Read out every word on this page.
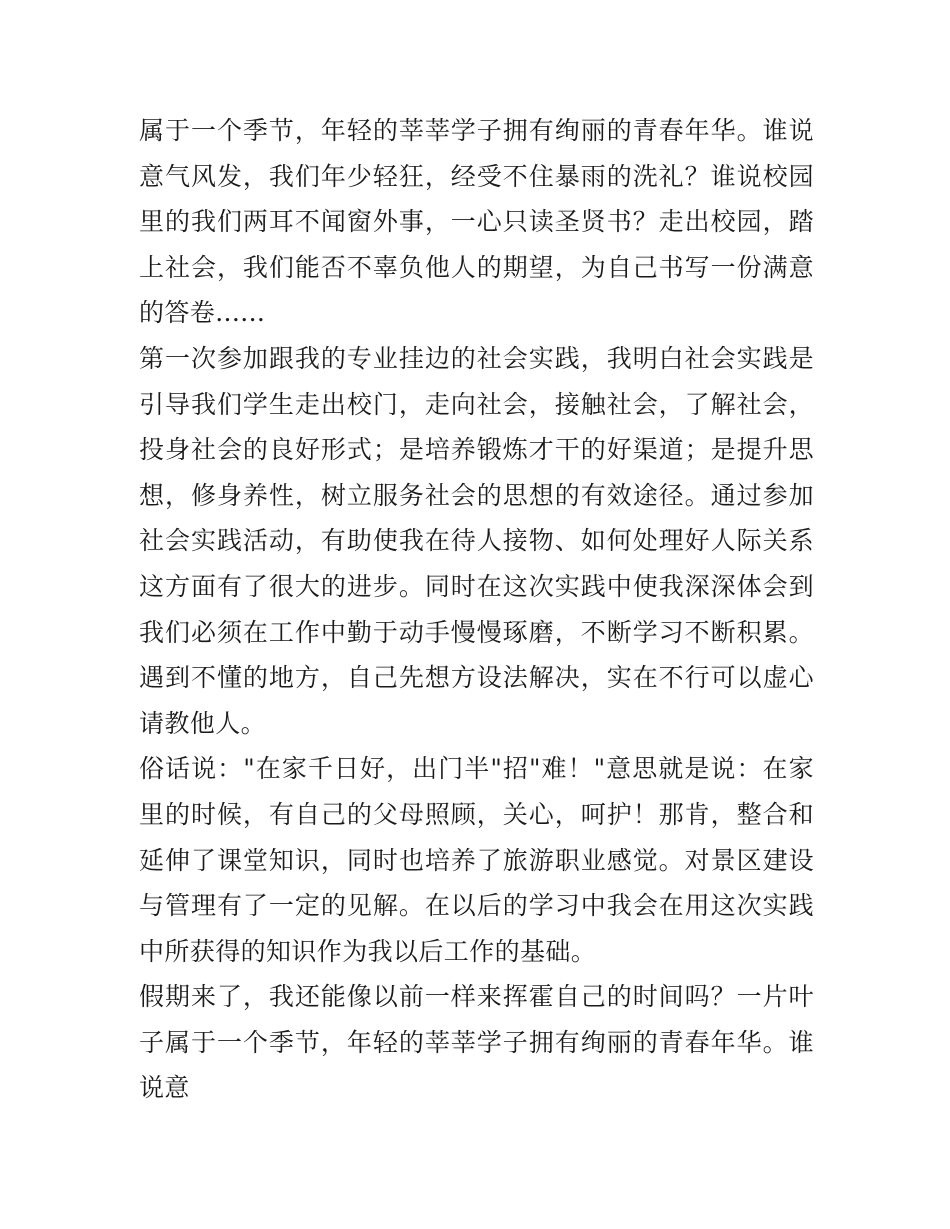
属于一个季节，年轻的莘莘学子拥有绚丽的青春年华。谁说意气风发，我们年少轻狂，经受不住暴雨的洗礼？谁说校园里的我们两耳不闻窗外事，一心只读圣贤书？走出校园，踏上社会，我们能否不辜负他人的期望，为自己书写一份满意的答卷......

第一次参加跟我的专业挂边的社会实践，我明白社会实践是引导我们学生走出校门，走向社会，接触社会，了解社会，投身社会的良好形式；是培养锻炼才干的好渠道；是提升思想，修身养性，树立服务社会的思想的有效途径。通过参加社会实践活动，有助使我在待人接物、如何处理好人际关系这方面有了很大的进步。同时在这次实践中使我深深体会到我们必须在工作中勤于动手慢慢琢磨，不断学习不断积累。遇到不懂的地方，自己先想方设法解决，实在不行可以虚心请教他人。

俗话说："在家千日好，出门半"招"难！"意思就是说：在家里的时候，有自己的父母照顾，关心，呵护！那肯，整合和延伸了课堂知识，同时也培养了旅游职业感觉。对景区建设与管理有了一定的见解。在以后的学习中我会在用这次实践中所获得的知识作为我以后工作的基础。

假期来了，我还能像以前一样来挥霍自己的时间吗？一片叶子属于一个季节，年轻的莘莘学子拥有绚丽的青春年华。谁说意
